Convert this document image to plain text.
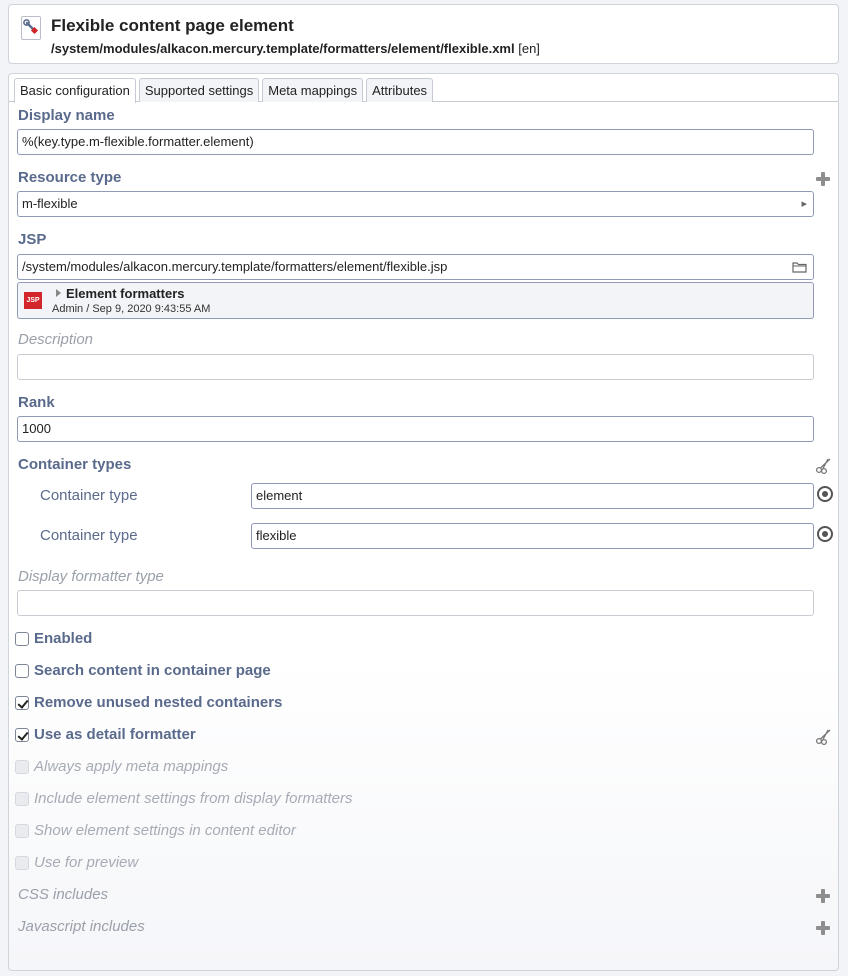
Flexible content page element
/system/modules/alkacon.mercury.template/formatters/element/flexible.xml [en]
Basic configuration	Supported settings	Meta mappings	Attributes
Display name
%(key.type.m-flexible.formatter.element)
Resource type
m-flexible	▸
JSP
/system/modules/alkacon.mercury.template/formatters/element/flexible.jsp
JSP Element formatters
Admin / Sep 9, 2020 9:43:55 AM
Description
Rank
1000
Container types
Container type	element
Container type	flexible
Display formatter type
Enabled
Search content in container page
Remove unused nested containers
Use as detail formatter
Always apply meta mappings
Include element settings from display formatters
Show element settings in content editor
Use for preview
CSS includes
Javascript includes
